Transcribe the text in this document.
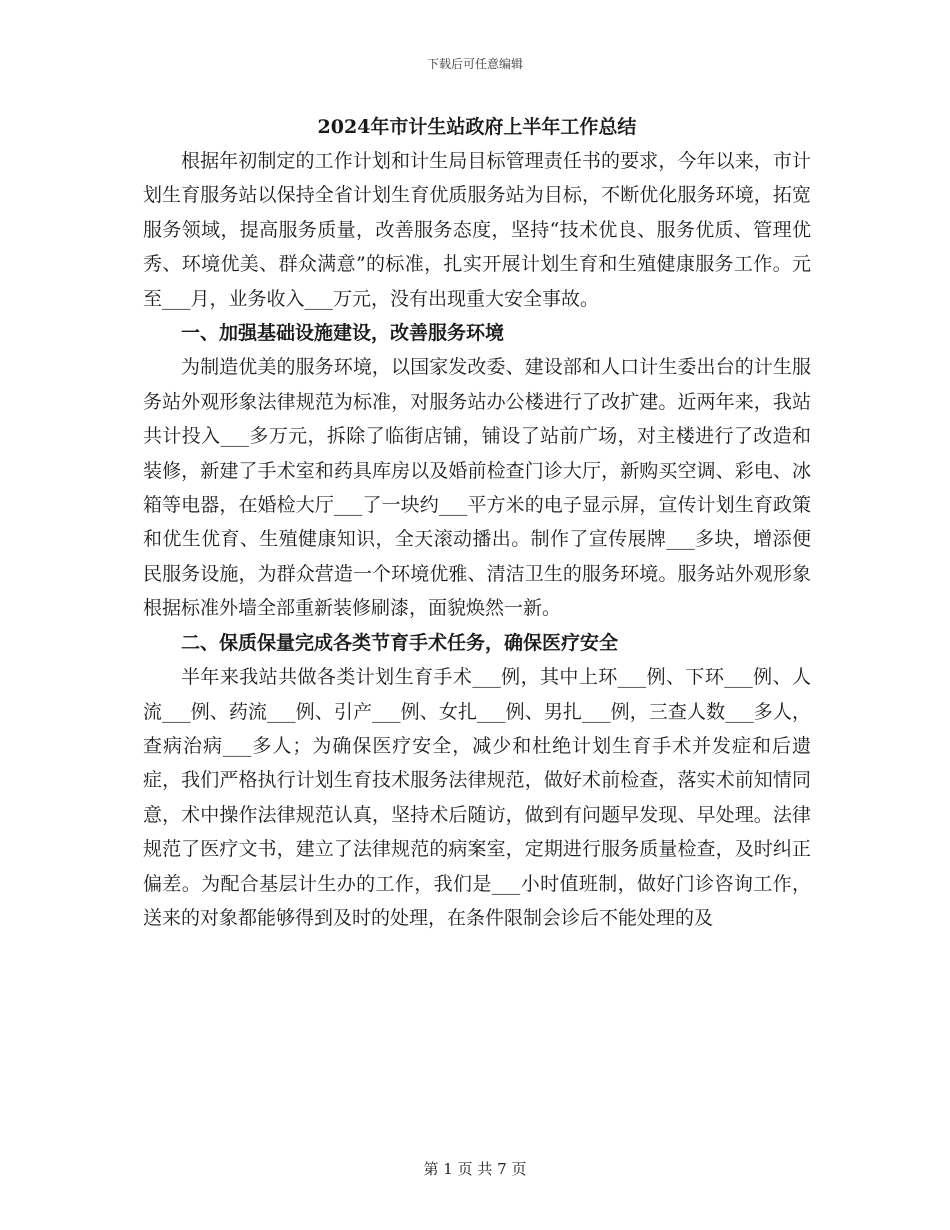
下载后可任意编辑

2024年市计生站政府上半年工作总结

根据年初制定的工作计划和计生局目标管理责任书的要求，今年以来，市计划生育服务站以保持全省计划生育优质服务站为目标，不断优化服务环境，拓宽服务领域，提高服务质量，改善服务态度，坚持“技术优良、服务优质、管理优秀、环境优美、群众满意”的标准，扎实开展计划生育和生殖健康服务工作。元至___月，业务收入___万元，没有出现重大安全事故。

一、加强基础设施建设，改善服务环境

为制造优美的服务环境，以国家发改委、建设部和人口计生委出台的计生服务站外观形象法律规范为标准，对服务站办公楼进行了改扩建。近两年来，我站共计投入___多万元，拆除了临街店铺，铺设了站前广场，对主楼进行了改造和装修，新建了手术室和药具库房以及婚前检查门诊大厅，新购买空调、彩电、冰箱等电器，在婚检大厅___了一块约___平方米的电子显示屏，宣传计划生育政策和优生优育、生殖健康知识，全天滚动播出。制作了宣传展牌___多块，增添便民服务设施，为群众营造一个环境优雅、清洁卫生的服务环境。服务站外观形象根据标准外墙全部重新装修刷漆，面貌焕然一新。

二、保质保量完成各类节育手术任务，确保医疗安全

半年来我站共做各类计划生育手术___例，其中上环___例、下环___例、人流___例、药流___例、引产___例、女扎___例、男扎___例，三查人数___多人，查病治病___多人；为确保医疗安全，减少和杜绝计划生育手术并发症和后遗症，我们严格执行计划生育技术服务法律规范，做好术前检查，落实术前知情同意，术中操作法律规范认真，坚持术后随访，做到有问题早发现、早处理。法律规范了医疗文书，建立了法律规范的病案室，定期进行服务质量检查，及时纠正偏差。为配合基层计生办的工作，我们是___小时值班制，做好门诊咨询工作，送来的对象都能够得到及时的处理，在条件限制会诊后不能处理的及

第 1 页 共 7 页
